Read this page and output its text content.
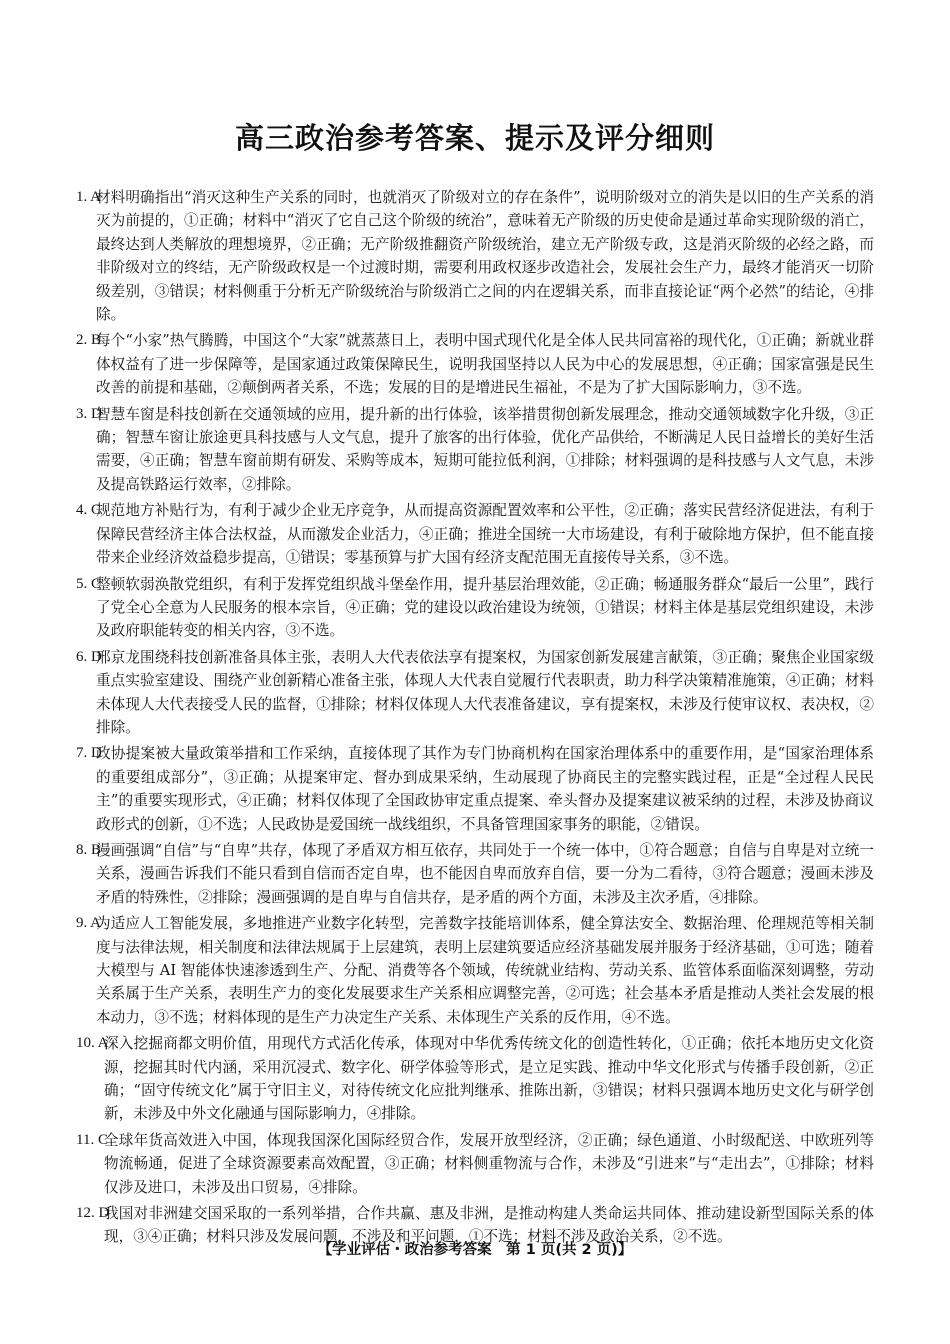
高三政治参考答案、提示及评分细则

1. A
材料明确指出“消灭这种生产关系的同时，也就消灭了阶级对立的存在条件”，说明阶级对立的消失是以旧的生产关系的消灭为前提的，①正确；材料中“消灭了它自己这个阶级的统治”，意味着无产阶级的历史使命是通过革命实现阶级的消亡，最终达到人类解放的理想境界，②正确；无产阶级推翻资产阶级统治，建立无产阶级专政，这是消灭阶级的必经之路，而非阶级对立的终结，无产阶级政权是一个过渡时期，需要利用政权逐步改造社会，发展社会生产力，最终才能消灭一切阶级差别，③错误；材料侧重于分析无产阶级统治与阶级消亡之间的内在逻辑关系，而非直接论证“两个必然”的结论，④排除。

2. B
每个“小家”热气腾腾，中国这个“大家”就蒸蒸日上，表明中国式现代化是全体人民共同富裕的现代化，①正确；新就业群体权益有了进一步保障等，是国家通过政策保障民生，说明我国坚持以人民为中心的发展思想，④正确；国家富强是民生改善的前提和基础，②颠倒两者关系，不选；发展的目的是增进民生福祉，不是为了扩大国际影响力，③不选。

3. D
智慧车窗是科技创新在交通领域的应用，提升新的出行体验，该举措贯彻创新发展理念，推动交通领域数字化升级，③正确；智慧车窗让旅途更具科技感与人文气息，提升了旅客的出行体验，优化产品供给，不断满足人民日益增长的美好生活需要，④正确；智慧车窗前期有研发、采购等成本，短期可能拉低利润，①排除；材料强调的是科技感与人文气息，未涉及提高铁路运行效率，②排除。

4. C
规范地方补贴行为，有利于减少企业无序竞争，从而提高资源配置效率和公平性，②正确；落实民营经济促进法，有利于保障民营经济主体合法权益，从而激发企业活力，④正确；推进全国统一大市场建设，有利于破除地方保护，但不能直接带来企业经济效益稳步提高，①错误；零基预算与扩大国有经济支配范围无直接传导关系，③不选。

5. C
整顿软弱涣散党组织，有利于发挥党组织战斗堡垒作用，提升基层治理效能，②正确；畅通服务群众“最后一公里”，践行了党全心全意为人民服务的根本宗旨，④正确；党的建设以政治建设为统领，①错误；材料主体是基层党组织建设，未涉及政府职能转变的相关内容，③不选。

6. D
邢京龙围绕科技创新准备具体主张，表明人大代表依法享有提案权，为国家创新发展建言献策，③正确；聚焦企业国家级重点实验室建设、围绕产业创新精心准备主张，体现人大代表自觉履行代表职责，助力科学决策精准施策，④正确；材料未体现人大代表接受人民的监督，①排除；材料仅体现人大代表准备建议，享有提案权，未涉及行使审议权、表决权，②排除。

7. D
政协提案被大量政策举措和工作采纳，直接体现了其作为专门协商机构在国家治理体系中的重要作用，是“国家治理体系的重要组成部分”，③正确；从提案审定、督办到成果采纳，生动展现了协商民主的完整实践过程，正是“全过程人民民主”的重要实现形式，④正确；材料仅体现了全国政协审定重点提案、牵头督办及提案建议被采纳的过程，未涉及协商议政形式的创新，①不选；人民政协是爱国统一战线组织，不具备管理国家事务的职能，②错误。

8. B
漫画强调“自信”与“自卑”共存，体现了矛盾双方相互依存，共同处于一个统一体中，①符合题意；自信与自卑是对立统一关系，漫画告诉我们不能只看到自信而否定自卑，也不能因自卑而放弃自信，要一分为二看待，③符合题意；漫画未涉及矛盾的特殊性，②排除；漫画强调的是自卑与自信共存，是矛盾的两个方面，未涉及主次矛盾，④排除。

9. A
为适应人工智能发展，多地推进产业数字化转型，完善数字技能培训体系，健全算法安全、数据治理、伦理规范等相关制度与法律法规，相关制度和法律法规属于上层建筑，表明上层建筑要适应经济基础发展并服务于经济基础，①可选；随着大模型与 AI 智能体快速渗透到生产、分配、消费等各个领域，传统就业结构、劳动关系、监管体系面临深刻调整，劳动关系属于生产关系，表明生产力的变化发展要求生产关系相应调整完善，②可选；社会基本矛盾是推动人类社会发展的根本动力，③不选；材料体现的是生产力决定生产关系、未体现生产关系的反作用，④不选。

10. A
深入挖掘商都文明价值，用现代方式活化传承，体现对中华优秀传统文化的创造性转化，①正确；依托本地历史文化资源，挖掘其时代内涵，采用沉浸式、数字化、研学体验等形式，是立足实践、推动中华文化形式与传播手段创新，②正确；“固守传统文化”属于守旧主义，对待传统文化应批判继承、推陈出新，③错误；材料只强调本地历史文化与研学创新，未涉及中外文化融通与国际影响力，④排除。

11. C
全球年货高效进入中国，体现我国深化国际经贸合作，发展开放型经济，②正确；绿色通道、小时级配送、中欧班列等物流畅通，促进了全球资源要素高效配置，③正确；材料侧重物流与合作，未涉及“引进来”与“走出去”，①排除；材料仅涉及进口，未涉及出口贸易，④排除。

12. D
我国对非洲建交国采取的一系列举措，合作共赢、惠及非洲，是推动构建人类命运共同体、推动建设新型国际关系的体现，③④正确；材料只涉及发展问题，不涉及和平问题，①不选；材料不涉及政治关系，②不选。

【学业评估・政治参考答案　第 1 页(共 2 页)】
